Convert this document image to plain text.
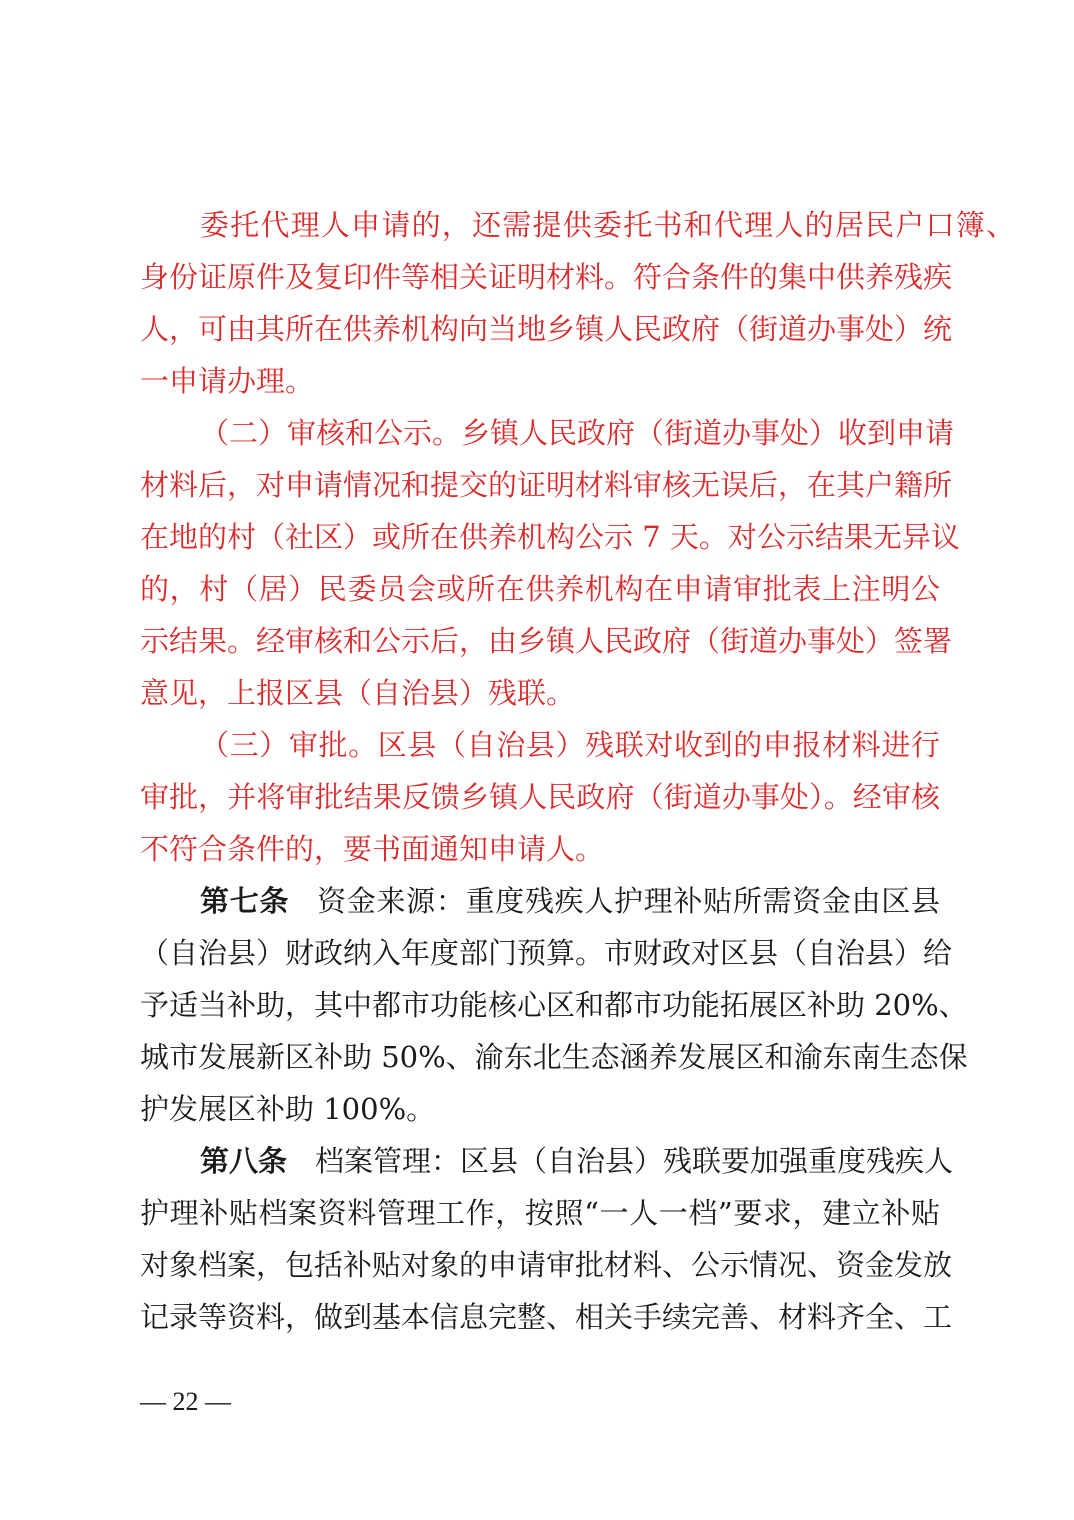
委托代理人申请的，还需提供委托书和代理人的居民户口簿、
身份证原件及复印件等相关证明材料。符合条件的集中供养残疾
人，可由其所在供养机构向当地乡镇人民政府（街道办事处）统
一申请办理。
（二）审核和公示。乡镇人民政府（街道办事处）收到申请
材料后，对申请情况和提交的证明材料审核无误后，在其户籍所
在地的村（社区）或所在供养机构公示 7 天。对公示结果无异议
的，村（居）民委员会或所在供养机构在申请审批表上注明公
示结果。经审核和公示后，由乡镇人民政府（街道办事处）签署
意见，上报区县（自治县）残联。
（三）审批。区县（自治县）残联对收到的申报材料进行
审批，并将审批结果反馈乡镇人民政府（街道办事处）。经审核
不符合条件的，要书面通知申请人。
第七条 资金来源：重度残疾人护理补贴所需资金由区县
（自治县）财政纳入年度部门预算。市财政对区县（自治县）给
予适当补助，其中都市功能核心区和都市功能拓展区补助 20%、
城市发展新区补助 50%、渝东北生态涵养发展区和渝东南生态保
护发展区补助 100%。
第八条 档案管理：区县（自治县）残联要加强重度残疾人
护理补贴档案资料管理工作，按照“一人一档”要求，建立补贴
对象档案，包括补贴对象的申请审批材料、公示情况、资金发放
记录等资料，做到基本信息完整、相关手续完善、材料齐全、工
— 22 —
